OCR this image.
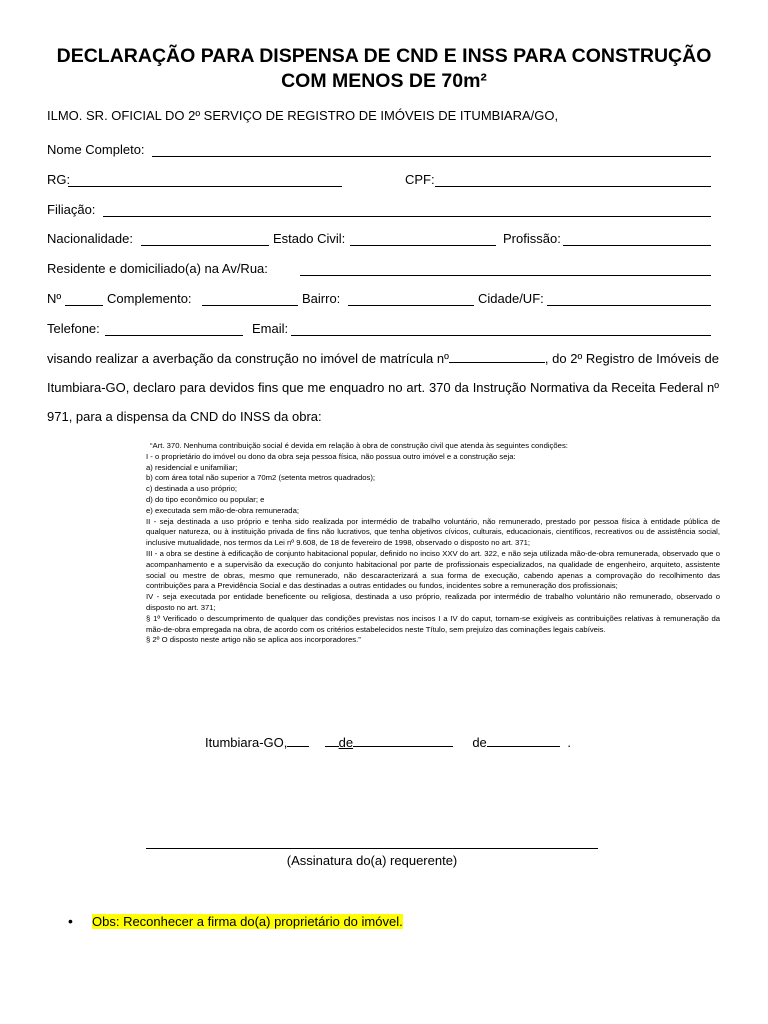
DECLARAÇÃO PARA DISPENSA DE CND E INSS PARA CONSTRUÇÃO
COM MENOS DE 70m²
ILMO. SR. OFICIAL DO 2º SERVIÇO DE REGISTRO DE IMÓVEIS DE ITUMBIARA/GO,
Nome Completo:
RG:	CPF:
Filiação:
Nacionalidade:	Estado Civil:	Profissão:
Residente e domiciliado(a) na Av/Rua:
Nº	Complemento:	Bairro:	Cidade/UF:
Telefone:	Email:
visando realizar a averbação da construção no imóvel de matrícula nº	, do 2º Registro de Imóveis de Itumbiara-GO, declaro para devidos fins que me enquadro no art. 370 da Instrução Normativa da Receita Federal nº 971, para a dispensa da CND do INSS da obra:

“Art. 370. Nenhuma contribuição social é devida em relação à obra de construção civil que atenda às seguintes condições:

I - o proprietário do imóvel ou dono da obra seja pessoa física, não possua outro imóvel e a construção seja:

a) residencial e unifamiliar;

b) com área total não superior a 70m2 (setenta metros quadrados);

c) destinada a uso próprio;

d) do tipo econômico ou popular; e

e) executada sem mão-de-obra remunerada;

II - seja destinada a uso próprio e tenha sido realizada por intermédio de trabalho voluntário, não remunerado, prestado por pessoa física à entidade pública de qualquer natureza, ou à instituição privada de fins não lucrativos, que tenha objetivos cívicos, culturais, educacionais, científicos, recreativos ou de assistência social, inclusive mutualidade, nos termos da Lei nº 9.608, de 18 de fevereiro de 1998, observado o disposto no art. 371;

III - a obra se destine à edificação de conjunto habitacional popular, definido no inciso XXV do art. 322, e não seja utilizada mão-de-obra remunerada, observado que o acompanhamento e a supervisão da execução do conjunto habitacional por parte de profissionais especializados, na qualidade de engenheiro, arquiteto, assistente social ou mestre de obras, mesmo que remunerado, não descaracterizará a sua forma de execução, cabendo apenas a comprovação do recolhimento das contribuições para a Previdência Social e das destinadas a outras entidades ou fundos, incidentes sobre a remuneração dos profissionais;

IV - seja executada por entidade beneficente ou religiosa, destinada a uso próprio, realizada por intermédio de trabalho voluntário não remunerado, observado o disposto no art. 371;

§ 1º Verificado o descumprimento de qualquer das condições previstas nos incisos I a IV do caput, tornam-se exigíveis as contribuições relativas à remuneração da mão-de-obra empregada na obra, de acordo com os critérios estabelecidos neste Título, sem prejuízo das cominações legais cabíveis.

§ 2º O disposto neste artigo não se aplica aos incorporadores.”

Itumbiara-GO,	de	de	.
(Assinatura do(a) requerente)
• Obs: Reconhecer a firma do(a) proprietário do imóvel.
